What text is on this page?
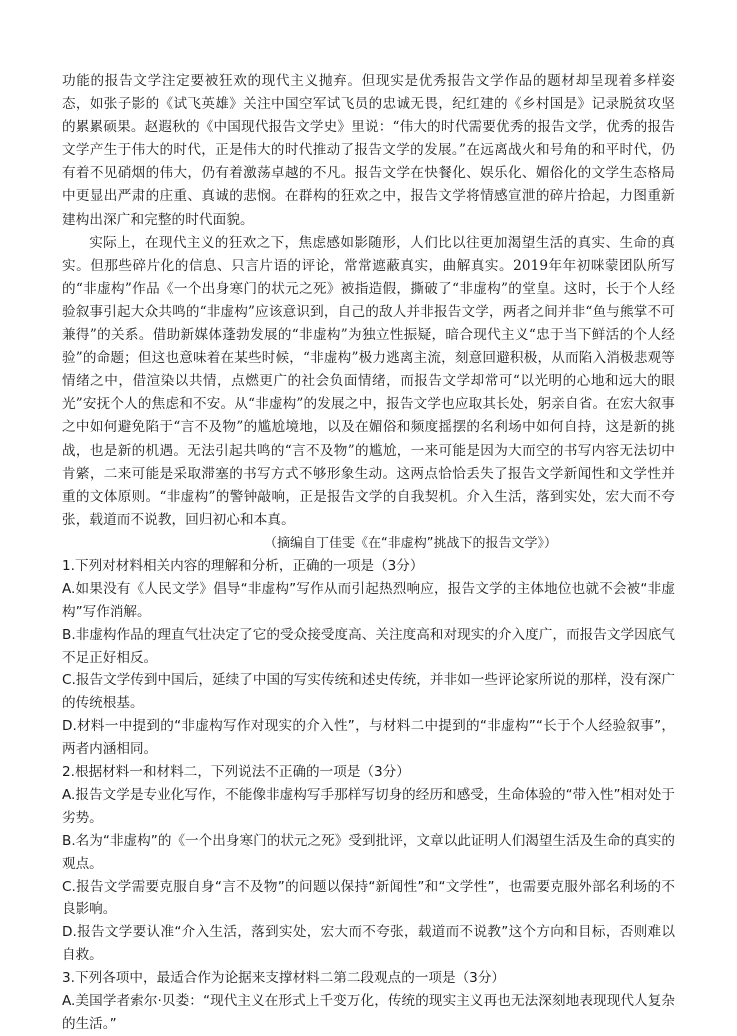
功能的报告文学注定要被狂欢的现代主义抛弃。但现实是优秀报告文学作品的题材却呈现着多样姿态，如张子影的《试飞英雄》关注中国空军试飞员的忠诚无畏，纪红建的《乡村国是》记录脱贫攻坚的累累硕果。赵遐秋的《中国现代报告文学史》里说：“伟大的时代需要优秀的报告文学，优秀的报告文学产生于伟大的时代，正是伟大的时代推动了报告文学的发展。”在远离战火和号角的和平时代，仍有着不见硝烟的伟大，仍有着激荡卓越的不凡。报告文学在快餐化、娱乐化、媚俗化的文学生态格局中更显出严肃的庄重、真诚的悲悯。在群构的狂欢之中，报告文学将情感宣泄的碎片拾起，力图重新建构出深广和完整的时代面貌。

实际上，在现代主义的狂欢之下，焦虑感如影随形，人们比以往更加渴望生活的真实、生命的真实。但那些碎片化的信息、只言片语的评论，常常遮蔽真实，曲解真实。2019年年初咪蒙团队所写的“非虚构”作品《一个出身寒门的状元之死》被指造假，撕破了“非虚构”的堂皇。这时，长于个人经验叙事引起大众共鸣的“非虚构”应该意识到，自己的敌人并非报告文学，两者之间并非“鱼与熊掌不可兼得”的关系。借助新媒体蓬勃发展的“非虚构”为独立性振疑，暗合现代主义“忠于当下鲜活的个人经验”的命题；但这也意味着在某些时候，“非虚构”极力逃离主流，刻意回避积极，从而陷入消极悲观等情绪之中，借渲染以共情，点燃更广的社会负面情绪，而报告文学却常可“以光明的心地和远大的眼光”安抚个人的焦虑和不安。从“非虚构”的发展之中，报告文学也应取其长处，躬亲自省。在宏大叙事之中如何避免陷于“言不及物”的尴尬境地，以及在媚俗和频度摇摆的名利场中如何自持，这是新的挑战，也是新的机遇。无法引起共鸣的“言不及物”的尴尬，一来可能是因为大而空的书写内容无法切中肯綮，二来可能是采取滞塞的书写方式不够形象生动。这两点恰恰丢失了报告文学新闻性和文学性并重的文体原则。“非虚构”的警钟敲响，正是报告文学的自我契机。介入生活，落到实处，宏大而不夸张，载道而不说教，回归初心和本真。

（摘编自丁佳雯《在“非虚构”挑战下的报告文学》）

1.下列对材料相关内容的理解和分析，正确的一项是（3分）

A.如果没有《人民文学》倡导“非虚构”写作从而引起热烈响应，报告文学的主体地位也就不会被“非虚构”写作消解。

B.非虚构作品的理直气壮决定了它的受众接受度高、关注度高和对现实的介入度广，而报告文学因底气不足正好相反。

C.报告文学传到中国后，延续了中国的写实传统和述史传统，并非如一些评论家所说的那样，没有深广的传统根基。

D.材料一中提到的“非虚构写作对现实的介入性”，与材料二中提到的“非虚构”“长于个人经验叙事”，两者内涵相同。

2.根据材料一和材料二，下列说法不正确的一项是（3分）

A.报告文学是专业化写作，不能像非虚构写手那样写切身的经历和感受，生命体验的“带入性”相对处于劣势。

B.名为“非虚构”的《一个出身寒门的状元之死》受到批评，文章以此证明人们渴望生活及生命的真实的观点。

C.报告文学需要克服自身“言不及物”的问题以保持“新闻性”和“文学性”，也需要克服外部名利场的不良影响。

D.报告文学要认准“介入生活，落到实处，宏大而不夸张，载道而不说教”这个方向和目标，否则难以自救。

3.下列各项中，最适合作为论据来支撑材料二第二段观点的一项是（3分）

A.美国学者索尔·贝娄：“现代主义在形式上千变万化，传统的现实主义再也无法深刻地表现现代人复杂的生活。”
